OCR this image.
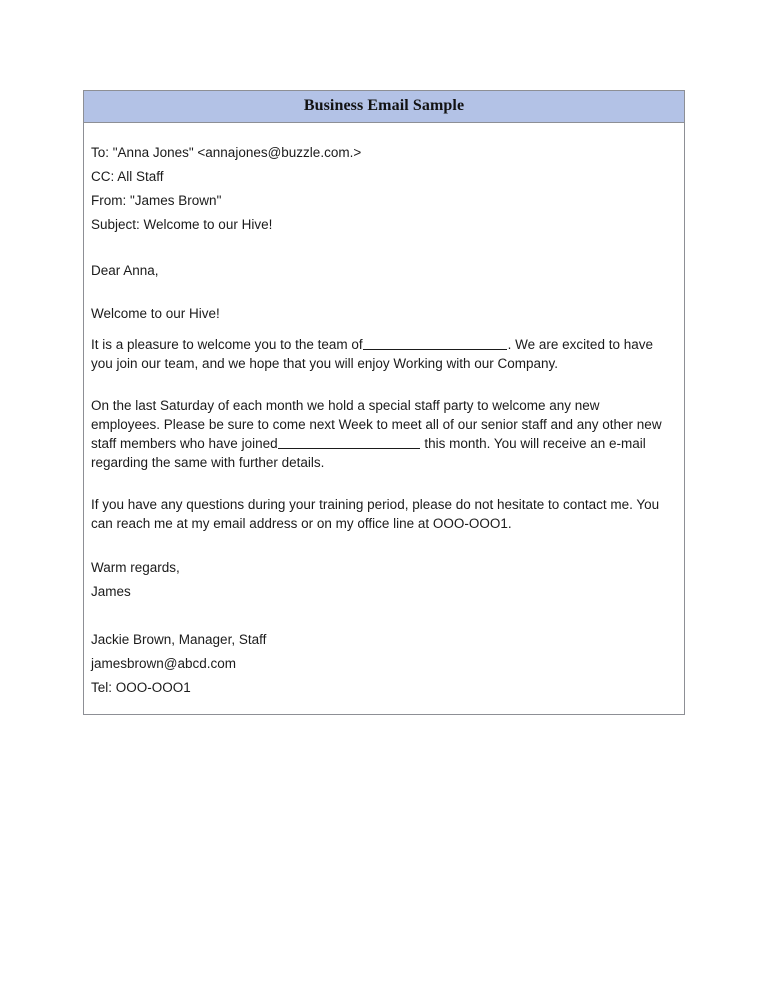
Business Email Sample
To: "Anna Jones" <annajones@buzzle.com.>
CC: All Staff
From: "James Brown"
Subject: Welcome to our Hive!
Dear Anna,
Welcome to our Hive!

It is a pleasure to welcome you to the team of	. We are excited to have you join our team, and we hope that you will enjoy Working with our Company.

On the last Saturday of each month we hold a special staff party to welcome any new employees. Please be sure to come next Week to meet all of our senior staff and any other new staff members who have joined	this month. You will receive an e-mail regarding the same with further details.

If you have any questions during your training period, please do not hesitate to contact me. You can reach me at my email address or on my office line at OOO-OOO1.

Warm regards,
James
Jackie Brown, Manager, Staff
jamesbrown@abcd.com
Tel: OOO-OOO1
